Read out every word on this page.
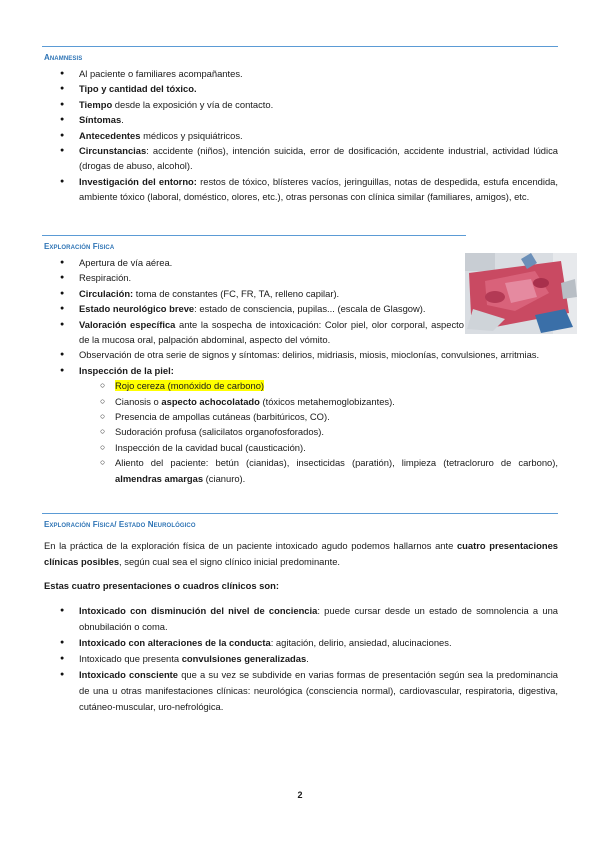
Anamnesis
● Al paciente o familiares acompañantes.
● Tipo y cantidad del tóxico.
● Tiempo desde la exposición y vía de contacto.
● Síntomas.
● Antecedentes médicos y psiquiátricos.
● Circunstancias: accidente (niños), intención suicida, error de dosificación, accidente industrial, actividad lúdica (drogas de abuso, alcohol).
● Investigación del entorno: restos de tóxico, blísteres vacíos, jeringuillas, notas de despedida, estufa encendida, ambiente tóxico (laboral, doméstico, olores, etc.), otras personas con clínica similar (familiares, amigos), etc.
Exploración Física
● Apertura de vía aérea.
● Respiración.
● Circulación: toma de constantes (FC, FR, TA, relleno capilar).
● Estado neurológico breve: estado de consciencia, pupilas... (escala de Glasgow).
● Valoración específica ante la sospecha de intoxicación: Color piel, olor corporal, aspecto de la mucosa oral, palpación abdominal, aspecto del vómito.
● Observación de otra serie de signos y síntomas: delirios, midriasis, miosis, mioclonías, convulsiones, arritmias.
● Inspección de la piel:
○ Rojo cereza (monóxido de carbono)
○ Cianosis o aspecto achocolatado (tóxicos metahemoglobizantes).
○ Presencia de ampollas cutáneas (barbitúricos, CO).
○ Sudoración profusa (salicilatos organofosforados).
○ Inspección de la cavidad bucal (causticación).
○ Aliento del paciente: betún (cianidas), insecticidas (paratión), limpieza (tetracloruro de carbono), almendras amargas (cianuro).
Exploración Física/ Estado Neurológico

En la práctica de la exploración física de un paciente intoxicado agudo podemos hallarnos ante cuatro presentaciones clínicas posibles, según cual sea el signo clínico inicial predominante.

Estas cuatro presentaciones o cuadros clínicos son:

● Intoxicado con disminución del nivel de conciencia: puede cursar desde un estado de somnolencia a una obnubilación o coma.
● Intoxicado con alteraciones de la conducta: agitación, delirio, ansiedad, alucinaciones.
● Intoxicado que presenta convulsiones generalizadas.
● Intoxicado consciente que a su vez se subdivide en varias formas de presentación según sea la predominancia de una u otras manifestaciones clínicas: neurológica (consciencia normal), cardiovascular, respiratoria, digestiva, cutáneo-muscular, uro-nefrológica.
2
